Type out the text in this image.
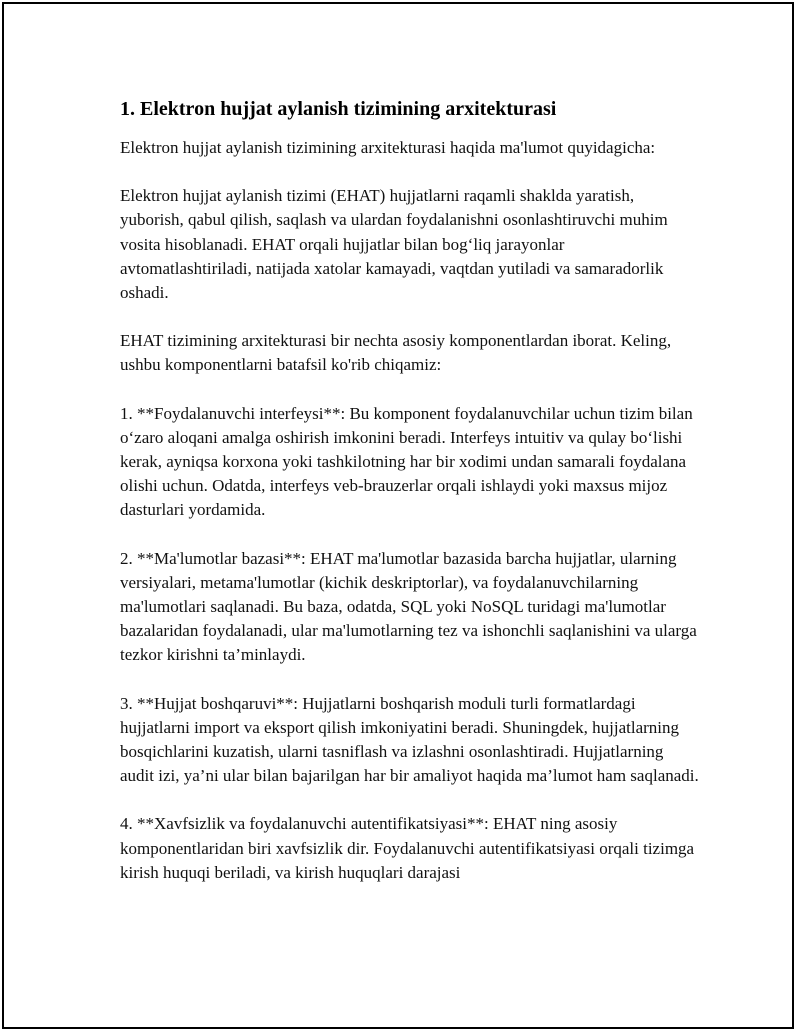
1. Elektron hujjat aylanish tizimining arxitekturasi

Elektron hujjat aylanish tizimining arxitekturasi haqida ma'lumot quyidagicha:

Elektron hujjat aylanish tizimi (EHAT) hujjatlarni raqamli shaklda yaratish, yuborish, qabul qilish, saqlash va ulardan foydalanishni osonlashtiruvchi muhim vosita hisoblanadi. EHAT orqali hujjatlar bilan bog‘liq jarayonlar avtomatlashtiriladi, natijada xatolar kamayadi, vaqtdan yutiladi va samaradorlik oshadi.

EHAT tizimining arxitekturasi bir nechta asosiy komponentlardan iborat. Keling, ushbu komponentlarni batafsil ko'rib chiqamiz:

1. **Foydalanuvchi interfeysi**: Bu komponent foydalanuvchilar uchun tizim bilan o‘zaro aloqani amalga oshirish imkonini beradi. Interfeys intuitiv va qulay bo‘lishi kerak, ayniqsa korxona yoki tashkilotning har bir xodimi undan samarali foydalana olishi uchun. Odatda, interfeys veb-brauzerlar orqali ishlaydi yoki maxsus mijoz dasturlari yordamida.

2. **Ma'lumotlar bazasi**: EHAT ma'lumotlar bazasida barcha hujjatlar, ularning versiyalari, metama'lumotlar (kichik deskriptorlar), va foydalanuvchilarning ma'lumotlari saqlanadi. Bu baza, odatda, SQL yoki NoSQL turidagi ma'lumotlar bazalaridan foydalanadi, ular ma'lumotlarning tez va ishonchli saqlanishini va ularga tezkor kirishni ta’minlaydi.

3. **Hujjat boshqaruvi**: Hujjatlarni boshqarish moduli turli formatlardagi hujjatlarni import va eksport qilish imkoniyatini beradi. Shuningdek, hujjatlarning bosqichlarini kuzatish, ularni tasniflash va izlashni osonlashtiradi. Hujjatlarning audit izi, ya’ni ular bilan bajarilgan har bir amaliyot haqida ma’lumot ham saqlanadi.

4. **Xavfsizlik va foydalanuvchi autentifikatsiyasi**: EHAT ning asosiy komponentlaridan biri xavfsizlik dir. Foydalanuvchi autentifikatsiyasi orqali tizimga kirish huquqi beriladi, va kirish huquqlari darajasi
